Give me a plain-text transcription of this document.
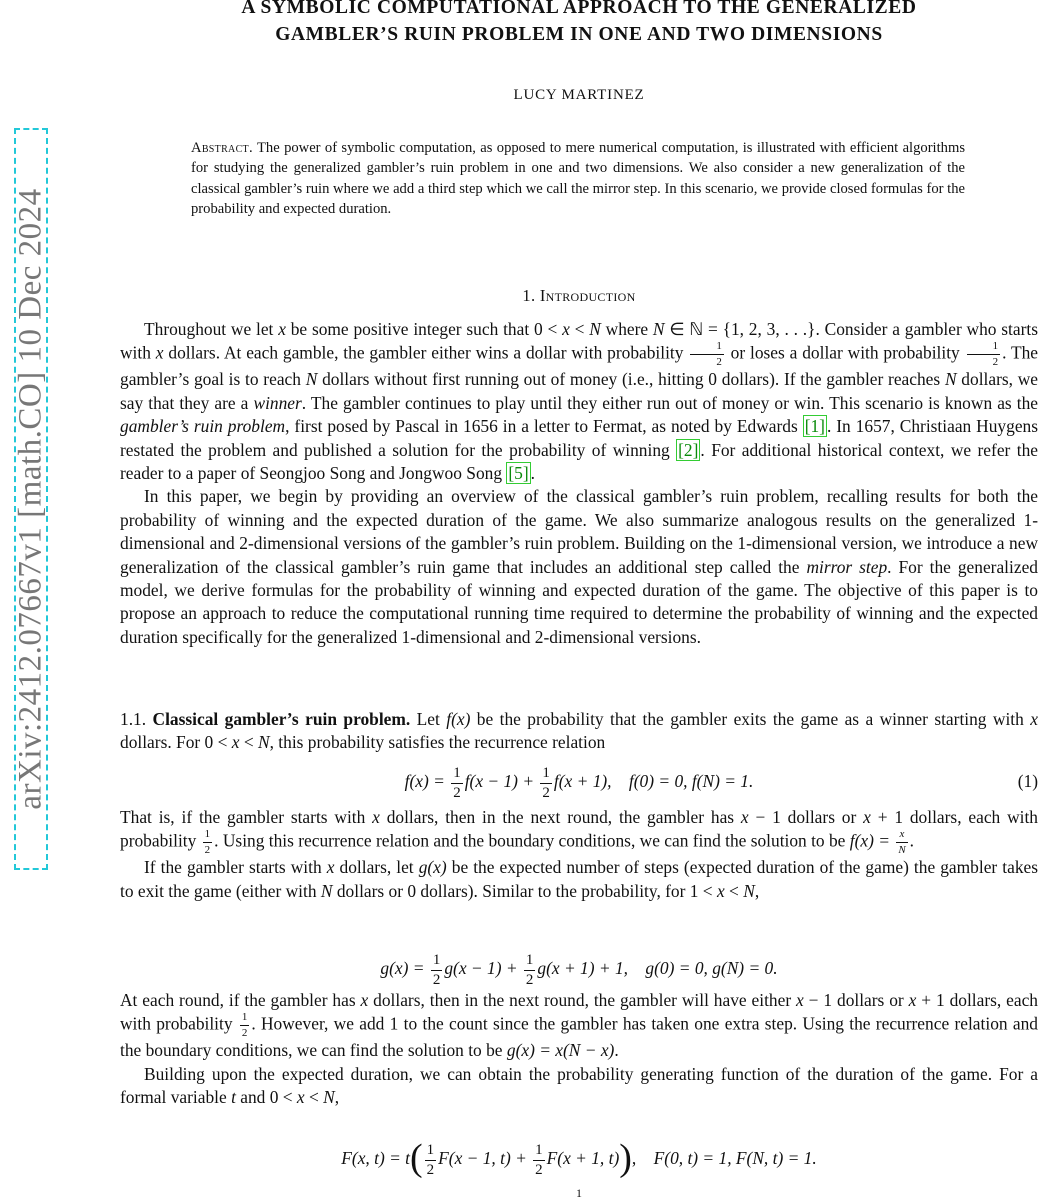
arXiv:2412.07667v1 [math.CO] 10 Dec 2024
A SYMBOLIC COMPUTATIONAL APPROACH TO THE GENERALIZED
GAMBLER’S RUIN PROBLEM IN ONE AND TWO DIMENSIONS
LUCY MARTINEZ
Abstract. The power of symbolic computation, as opposed to mere numerical computation, is illustrated with efficient algorithms for studying the generalized gambler’s ruin problem in one and two dimensions. We also consider a new generalization of the classical gambler’s ruin where we add a third step which we call the mirror step. In this scenario, we provide closed formulas for the probability and expected duration.
1. Introduction

Throughout we let x be some positive integer such that 0 < x < N where N ∈ ℕ = {1, 2, 3, . . .}. Consider a gambler who starts with x dollars. At each gamble, the gambler either wins a dollar with probability $\frac{1}{2}$ or loses a dollar with probability $\frac{1}{2}$ . The gambler’s goal is to reach N dollars without first running out of money (i.e., hitting 0 dollars). If the gambler reaches N dollars, we say that they are a winner. The gambler continues to play until they either run out of money or win. This scenario is known as the gambler’s ruin problem, first posed by Pascal in 1656 in a letter to Fermat, as noted by Edwards [1] . In 1657, Christiaan Huygens restated the problem and published a solution for the probability of winning [2] . For additional historical context, we refer the reader to a paper of Seongjoo Song and Jongwoo Song [5] .

In this paper, we begin by providing an overview of the classical gambler’s ruin problem, recalling results for both the probability of winning and the expected duration of the game. We also summarize analogous results on the generalized 1-dimensional and 2-dimensional versions of the gambler’s ruin problem. Building on the 1-dimensional version, we introduce a new generalization of the classical gambler’s ruin game that includes an additional step called the mirror step. For the generalized model, we derive formulas for the probability of winning and expected duration of the game. The objective of this paper is to propose an approach to reduce the computational running time required to determine the probability of winning and the expected duration specifically for the generalized 1-dimensional and 2-dimensional versions.

1.1. Classical gambler’s ruin problem. Let f(x) be the probability that the gambler exits the game as a winner starting with x dollars. For 0 < x < N, this probability satisfies the recurrence relation

$f(x) = \frac{1}{2} f(x - 1) + \frac{1}{2} f(x + 1)$, f(0) = 0, f(N) = 1.	(1)

That is, if the gambler starts with x dollars, then in the next round, the gambler has x − 1 dollars or x + 1 dollars, each with probability $\frac{1}{2}$ . Using this recurrence relation and the boundary conditions, we can find the solution to be $f(x) = \frac{x}{N}$ .

If the gambler starts with x dollars, let g(x) be the expected number of steps (expected duration of the game) the gambler takes to exit the game (either with N dollars or 0 dollars). Similar to the probability, for 1 < x < N,

$g(x) = \frac{1}{2} g(x - 1) + \frac{1}{2} g(x + 1) + 1$, g(0) = 0, g(N) = 0.

At each round, if the gambler has x dollars, then in the next round, the gambler will have either x − 1 dollars or x + 1 dollars, each with probability $\frac{1}{2}$ . However, we add 1 to the count since the gambler has taken one extra step. Using the recurrence relation and the boundary conditions, we can find the solution to be g(x) = x(N − x).

Building upon the expected duration, we can obtain the probability generating function of the duration of the game. For a formal variable t and 0 < x < N,

F(x, $t) = t( \frac{1}{2} F(x - 1$, $t) + \frac{1}{2} F(x + 1$, t)), F(0, t) = 1, F(N, t) = 1.
1
